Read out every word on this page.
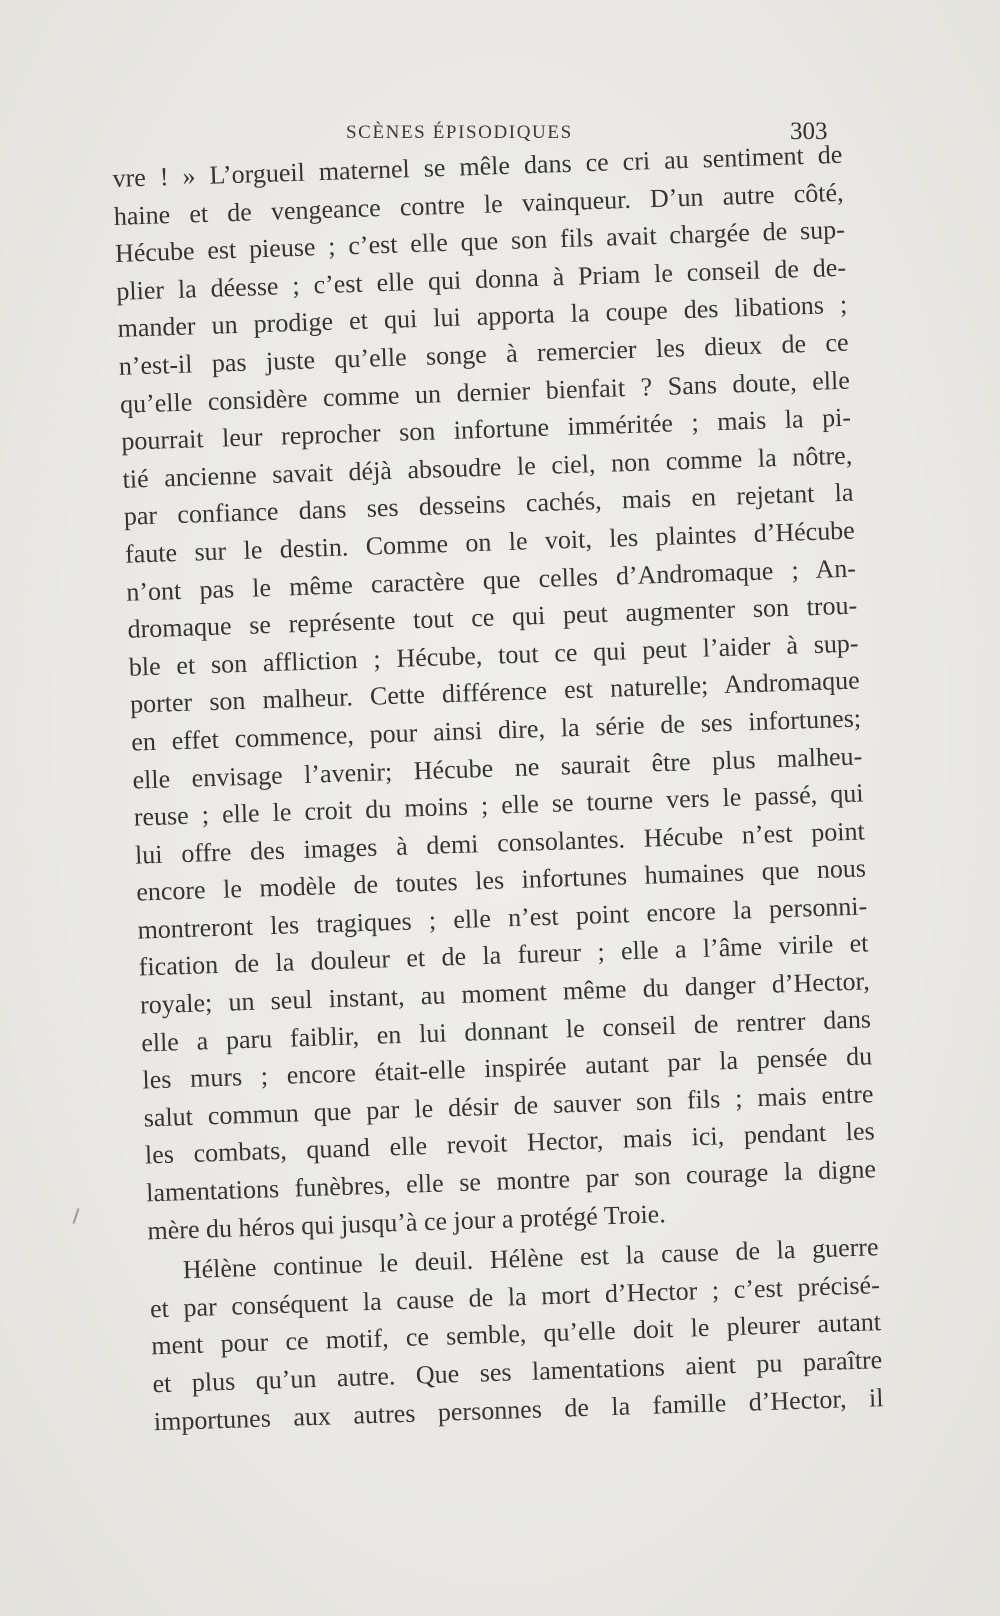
SCÈNES ÉPISODIQUES	303
vre ! » L’orgueil maternel se mêle dans ce cri au sentiment de
haine et de vengeance contre le vainqueur. D’un autre côté,
Hécube est pieuse ; c’est elle que son fils avait chargée de sup-
plier la déesse ; c’est elle qui donna à Priam le conseil de de-
mander un prodige et qui lui apporta la coupe des libations ;
n’est-il pas juste qu’elle songe à remercier les dieux de ce
qu’elle considère comme un dernier bienfait ? Sans doute, elle
pourrait leur reprocher son infortune imméritée ; mais la pi-
tié ancienne savait déjà absoudre le ciel, non comme la nôtre,
par confiance dans ses desseins cachés, mais en rejetant la
faute sur le destin. Comme on le voit, les plaintes d’Hécube
n’ont pas le même caractère que celles d’Andromaque ; An-
dromaque se représente tout ce qui peut augmenter son trou-
ble et son affliction ; Hécube, tout ce qui peut l’aider à sup-
porter son malheur. Cette différence est naturelle; Andromaque
en effet commence, pour ainsi dire, la série de ses infortunes;
elle envisage l’avenir; Hécube ne saurait être plus malheu-
reuse ; elle le croit du moins ; elle se tourne vers le passé, qui
lui offre des images à demi consolantes. Hécube n’est point
encore le modèle de toutes les infortunes humaines que nous
montreront les tragiques ; elle n’est point encore la personni-
fication de la douleur et de la fureur ; elle a l’âme virile et
royale; un seul instant, au moment même du danger d’Hector,
elle a paru faiblir, en lui donnant le conseil de rentrer dans
les murs ; encore était-elle inspirée autant par la pensée du
salut commun que par le désir de sauver son fils ; mais entre
les combats, quand elle revoit Hector, mais ici, pendant les
lamentations funèbres, elle se montre par son courage la digne
mère du héros qui jusqu’à ce jour a protégé Troie.
Hélène continue le deuil. Hélène est la cause de la guerre
et par conséquent la cause de la mort d’Hector ; c’est précisé-
ment pour ce motif, ce semble, qu’elle doit le pleurer autant
et plus qu’un autre. Que ses lamentations aient pu paraître
importunes aux autres personnes de la famille d’Hector, il
